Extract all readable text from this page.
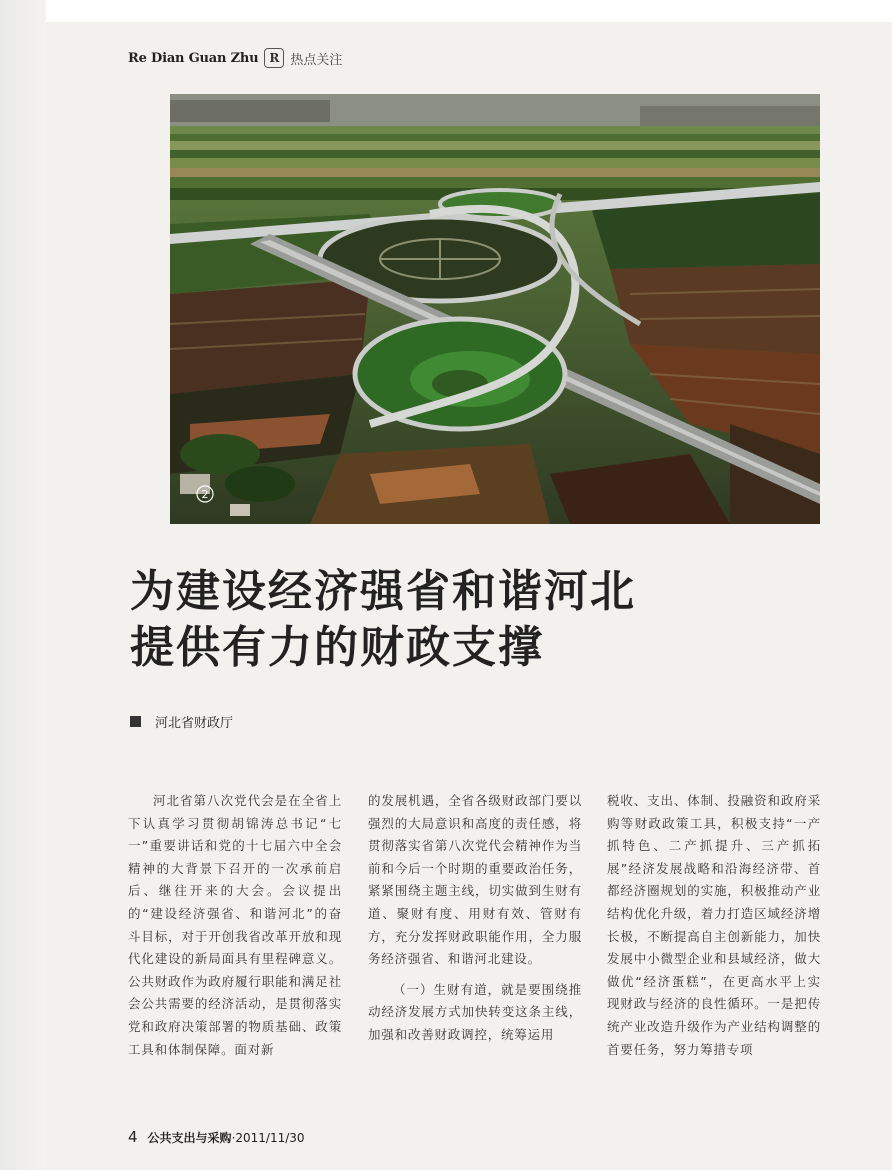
Re Dian Guan Zhu R 热点关注
2
为建设经济强省和谐河北
提供有力的财政支撑
河北省财政厅

河北省第八次党代会是在全省上下认真学习贯彻胡锦涛总书记“七一”重要讲话和党的十七届六中全会精神的大背景下召开的一次承前启后、继往开来的大会。会议提出的“建设经济强省、和谐河北”的奋斗目标，对于开创我省改革开放和现代化建设的新局面具有里程碑意义。公共财政作为政府履行职能和满足社会公共需要的经济活动，是贯彻落实党和政府决策部署的物质基础、政策工具和体制保障。面对新

的发展机遇，全省各级财政部门要以强烈的大局意识和高度的责任感，将贯彻落实省第八次党代会精神作为当前和今后一个时期的重要政治任务，紧紧围绕主题主线，切实做到生财有道、聚财有度、用财有效、管财有方，充分发挥财政职能作用，全力服务经济强省、和谐河北建设。

（一）生财有道，就是要围绕推动经济发展方式加快转变这条主线，加强和改善财政调控，统筹运用

税收、支出、体制、投融资和政府采购等财政政策工具，积极支持“一产抓特色、二产抓提升、三产抓拓展”经济发展战略和沿海经济带、首都经济圈规划的实施，积极推动产业结构优化升级，着力打造区域经济增长极，不断提高自主创新能力，加快发展中小微型企业和县域经济，做大做优“经济蛋糕”，在更高水平上实现财政与经济的良性循环。一是把传统产业改造升级作为产业结构调整的首要任务，努力筹措专项

4 公共支出与采购·2011/11/30
